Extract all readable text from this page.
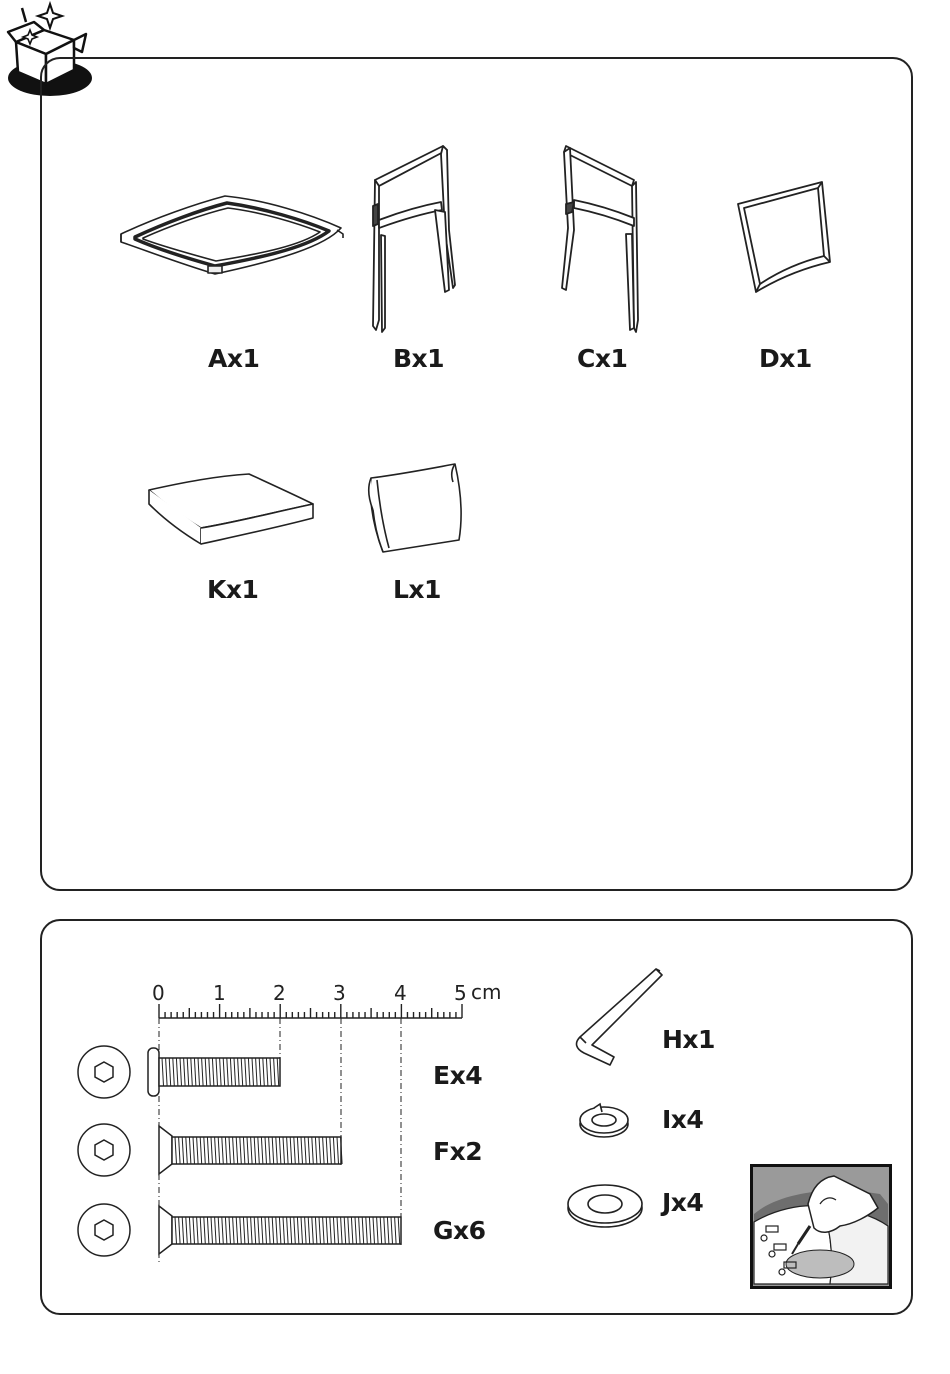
Ax1	Bx1	Cx1	Dx1
Kx1	Lx1
0 1 2 3 4 5 cm
Ex4
Fx2
Gx6
Hx1
Ix4
Jx4
